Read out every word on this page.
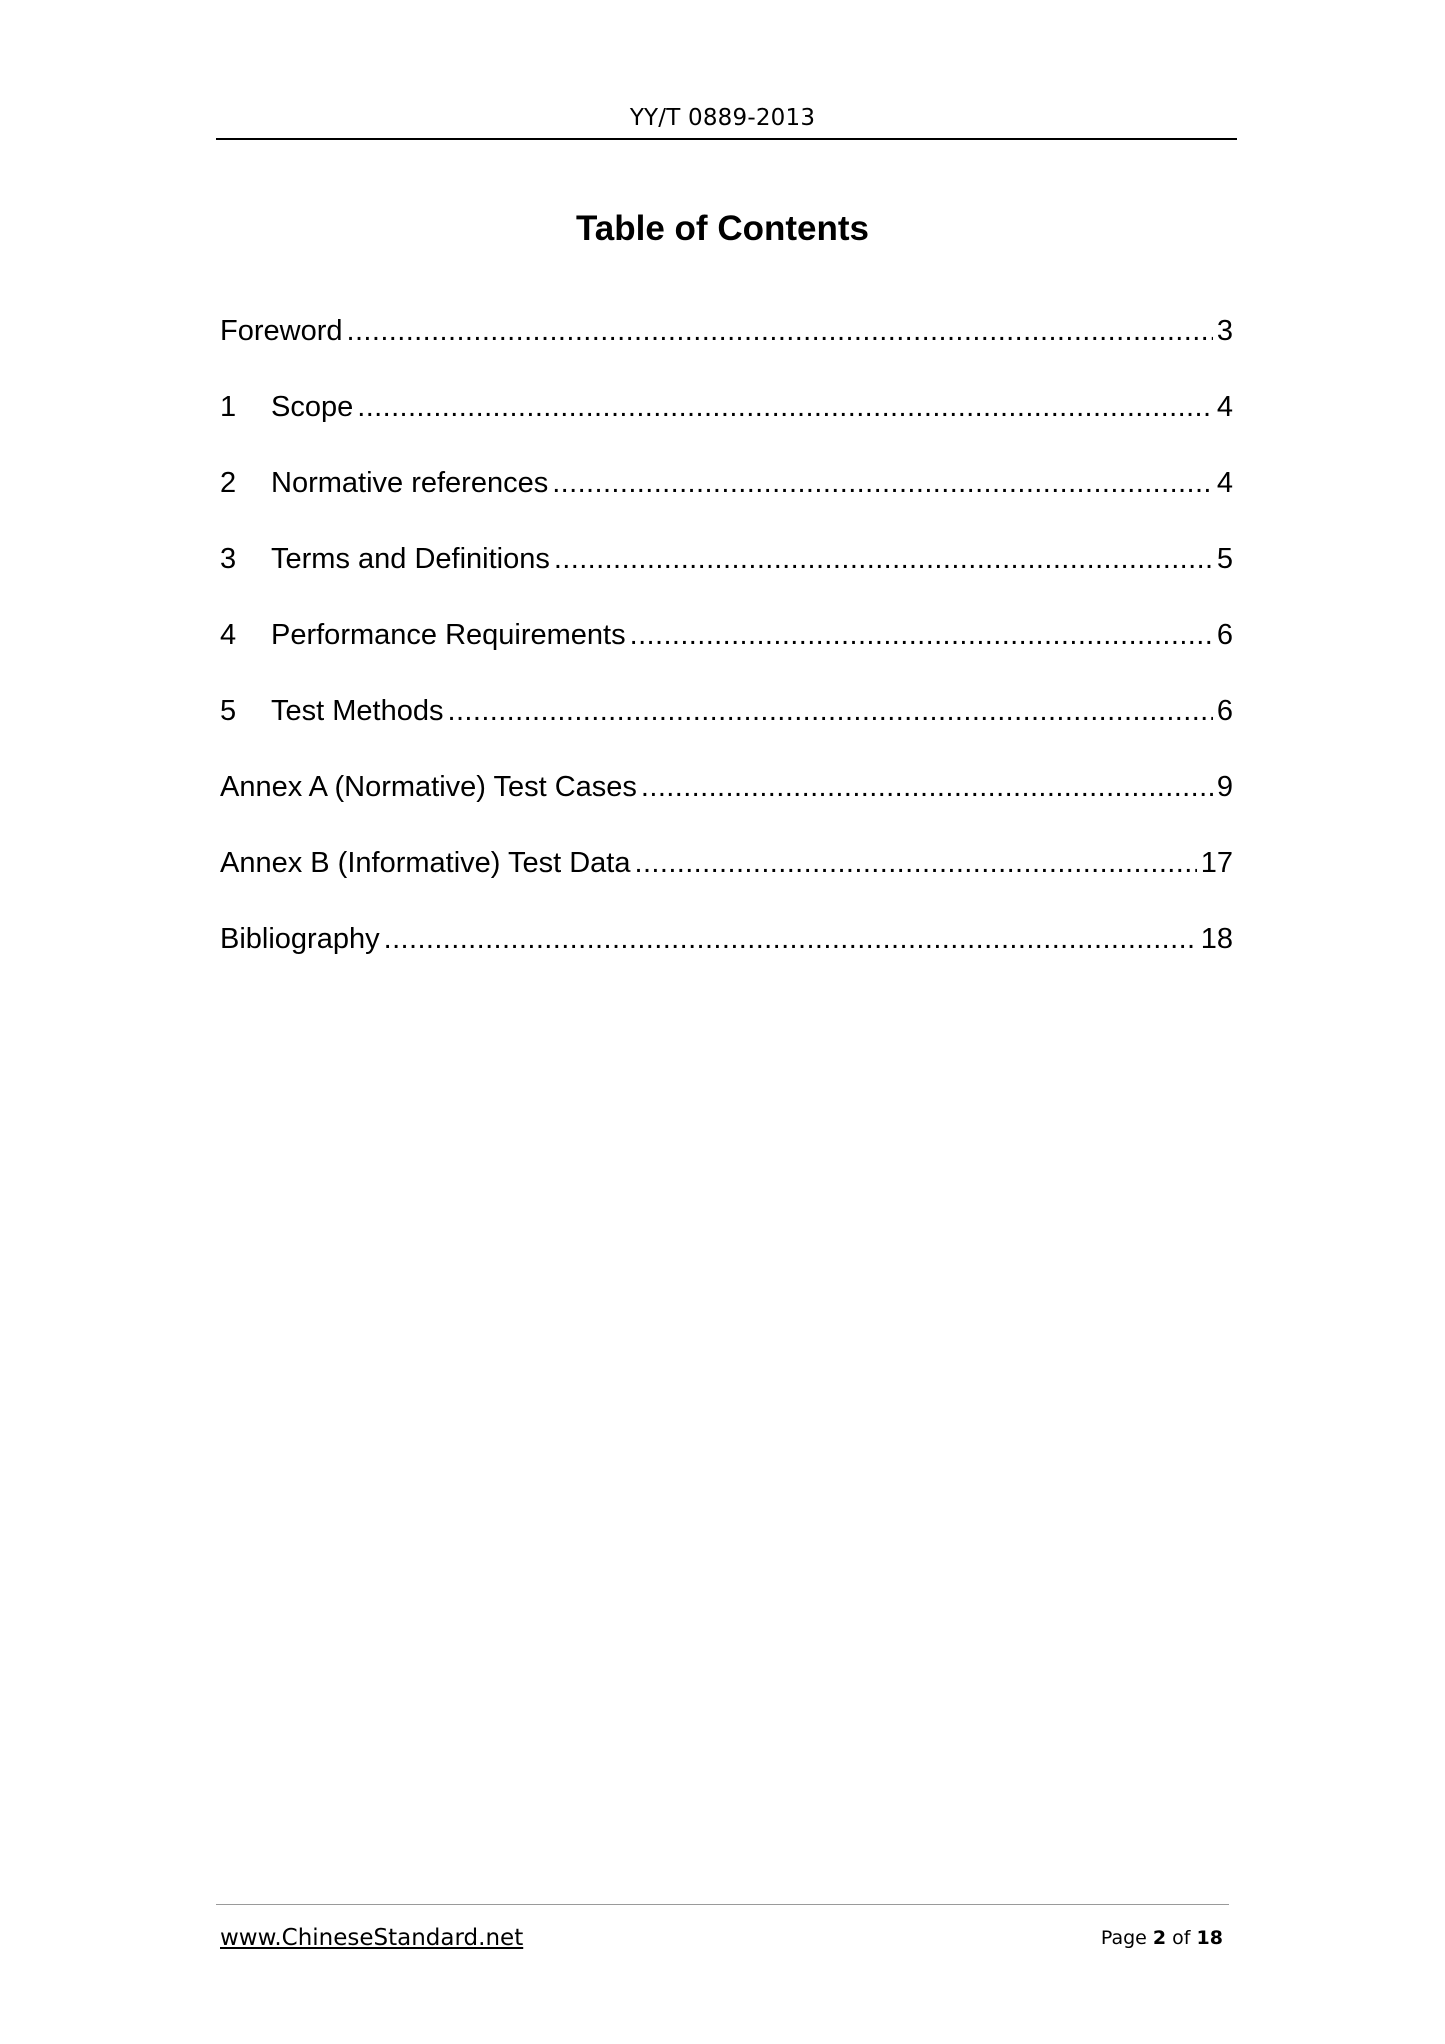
YY/T 0889-2013
Table of Contents
Foreword .....	3
1	Scope .....	4
2	Normative references .....	4
3	Terms and Definitions .....	5
4	Performance Requirements .....	6
5	Test Methods .....	6
Annex A (Normative) Test Cases .....	9
Annex B (Informative) Test Data .....	17
Bibliography .....	18
www.ChineseStandard.net	Page 2 of 18
